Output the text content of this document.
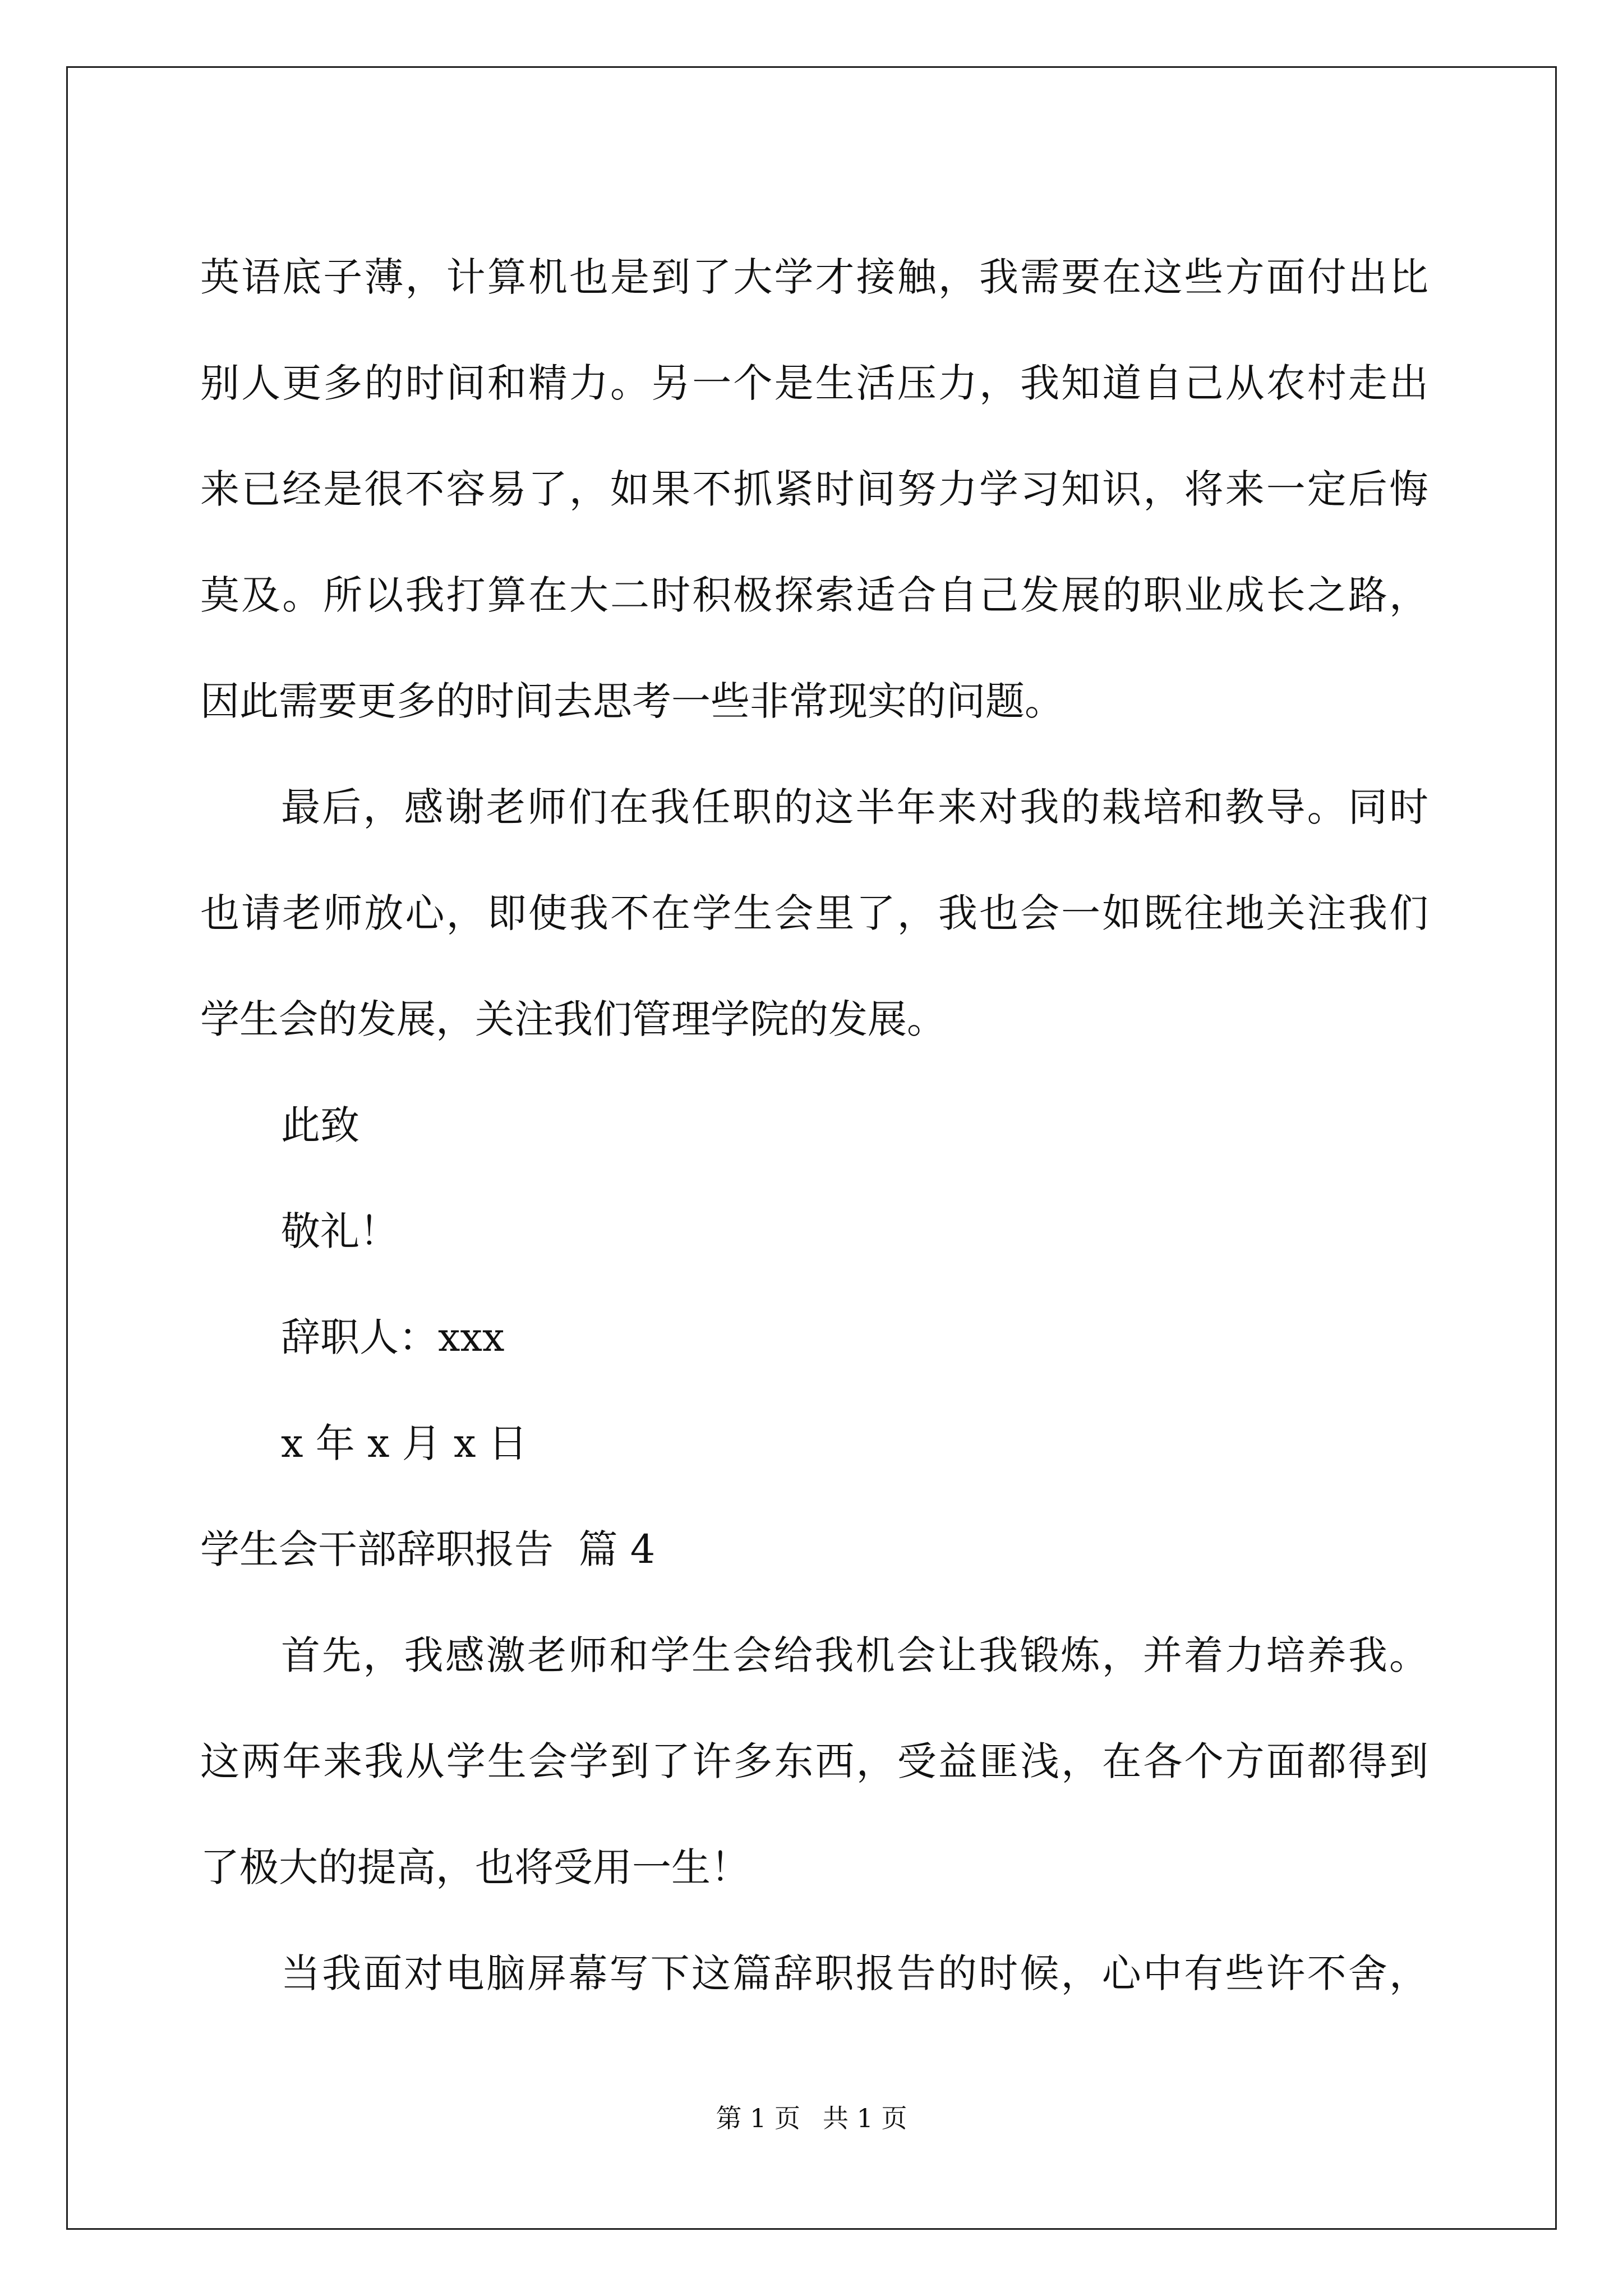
英语底子薄，计算机也是到了大学才接触，我需要在这些方面付出比

别人更多的时间和精力。另一个是生活压力，我知道自己从农村走出

来已经是很不容易了，如果不抓紧时间努力学习知识，将来一定后悔

莫及。所以我打算在大二时积极探索适合自己发展的职业成长之路，

因此需要更多的时间去思考一些非常现实的问题。

最后，感谢老师们在我任职的这半年来对我的栽培和教导。同时

也请老师放心，即使我不在学生会里了，我也会一如既往地关注我们

学生会的发展，关注我们管理学院的发展。

此致

敬礼！

辞职人：xxx

x 年 x 月 x 日

学生会干部辞职报告  篇 4

首先，我感激老师和学生会给我机会让我锻炼，并着力培养我。

这两年来我从学生会学到了许多东西，受益匪浅，在各个方面都得到

了极大的提高，也将受用一生！

当我面对电脑屏幕写下这篇辞职报告的时候，心中有些许不舍，

第 1 页 共 1 页
